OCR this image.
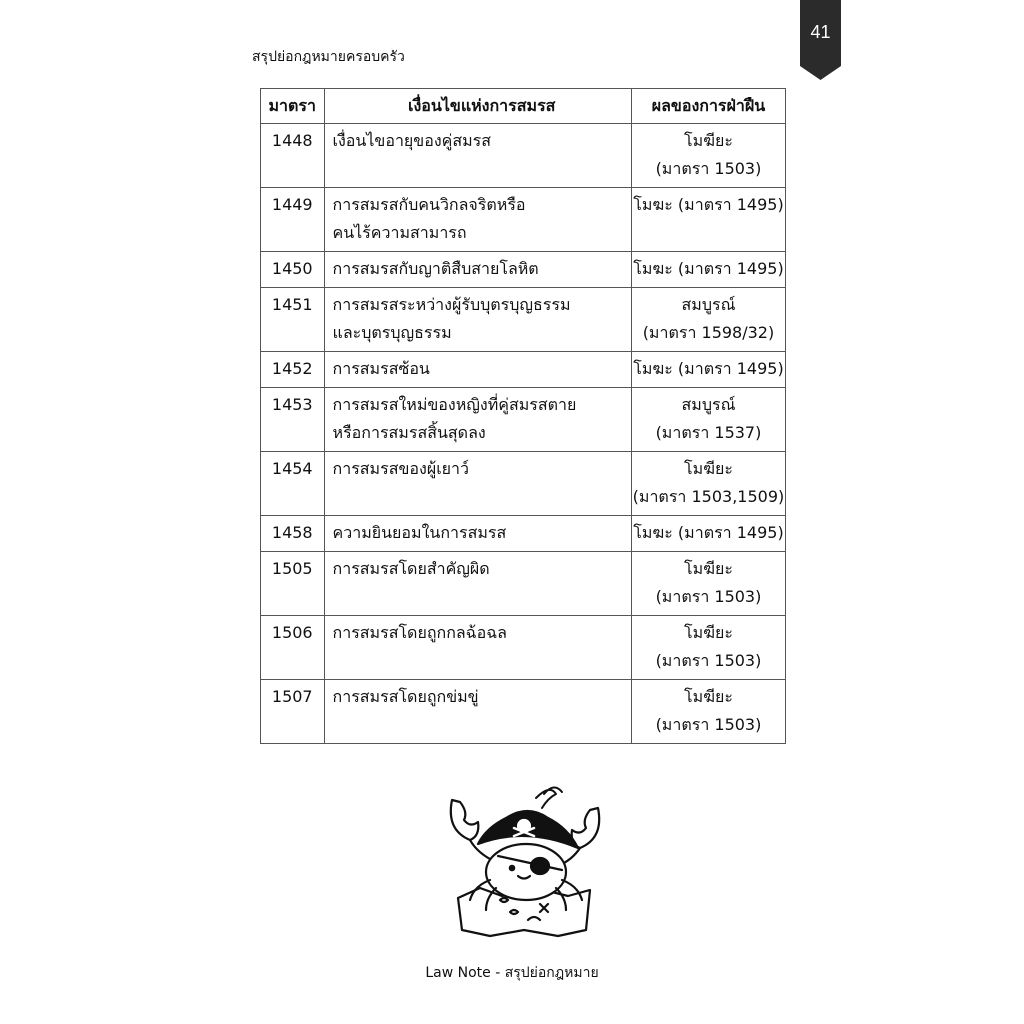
41
สรุปย่อกฎหมายครอบครัว
มาตรา	เงื่อนไขแห่งการสมรส	ผลของการฝ่าฝืน
1448	เงื่อนไขอายุของคู่สมรส	โมฆียะ
(มาตรา 1503)

1449	การสมรสกับคนวิกลจริตหรือ
คนไร้ความสามารถ	โมฆะ (มาตรา 1495)

1450	การสมรสกับญาติสืบสายโลหิต	โมฆะ (มาตรา 1495)

1451	การสมรสระหว่างผู้รับบุตรบุญธรรม
และบุตรบุญธรรม	สมบูรณ์
(มาตรา 1598/32)

1452	การสมรสซ้อน	โมฆะ (มาตรา 1495)

1453	การสมรสใหม่ของหญิงที่คู่สมรสตาย
หรือการสมรสสิ้นสุดลง	สมบูรณ์
(มาตรา 1537)

1454	การสมรสของผู้เยาว์	โมฆียะ
(มาตรา 1503,1509)

1458	ความยินยอมในการสมรส	โมฆะ (มาตรา 1495)

1505	การสมรสโดยสำคัญผิด	โมฆียะ
(มาตรา 1503)

1506	การสมรสโดยถูกกลฉ้อฉล	โมฆียะ
(มาตรา 1503)

1507	การสมรสโดยถูกข่มขู่	โมฆียะ
(มาตรา 1503)
Law Note - สรุปย่อกฎหมาย
